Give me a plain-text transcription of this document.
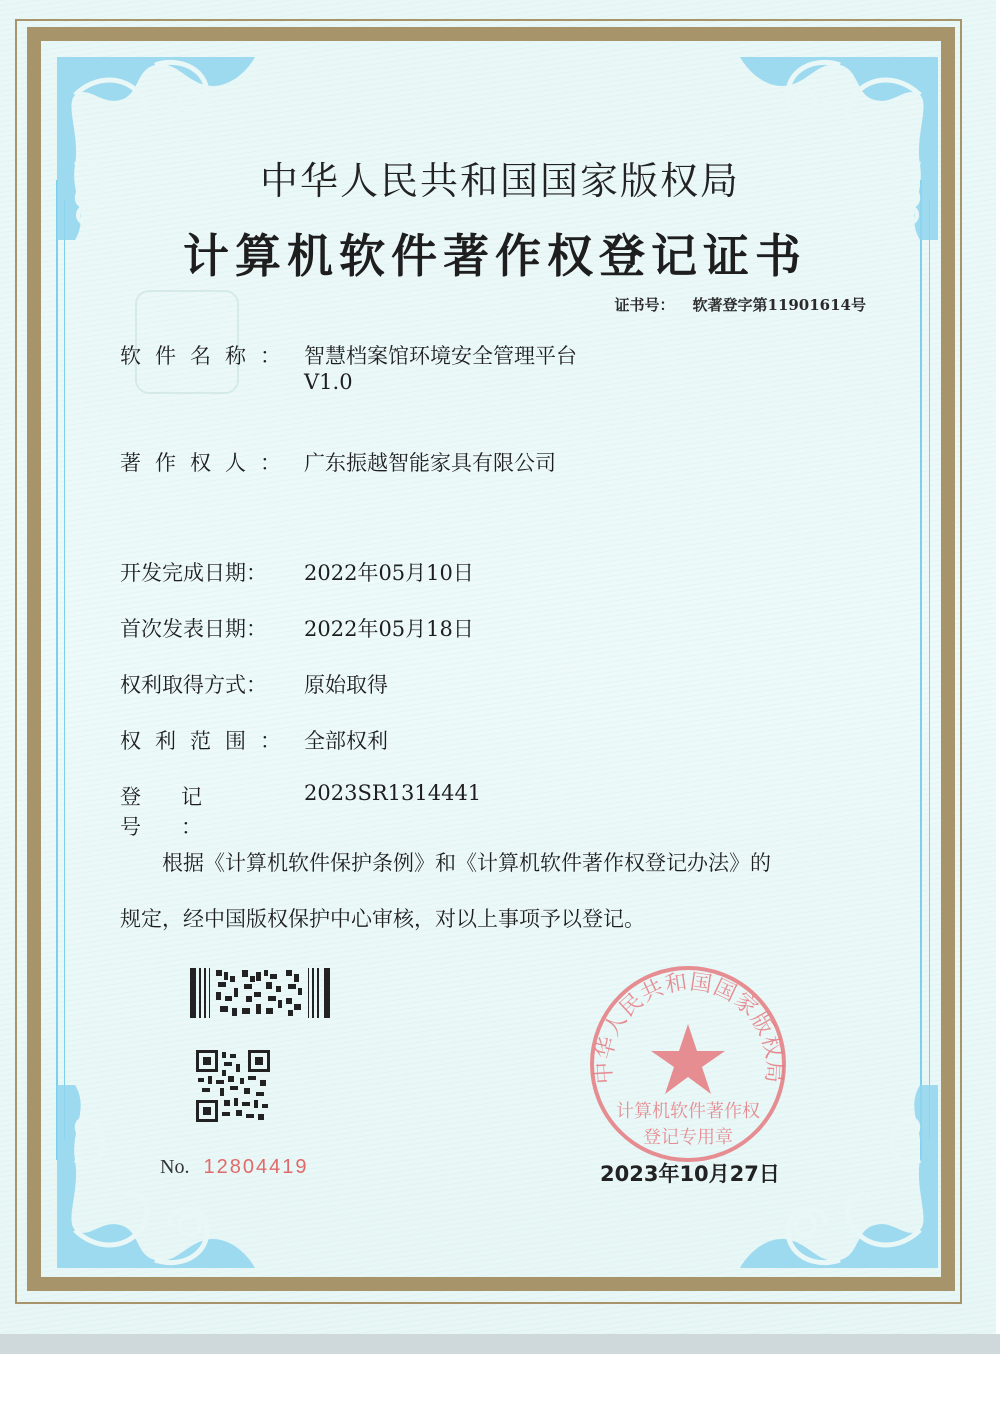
中华人民共和国国家版权局
计算机软件著作权登记证书
证书号： 软著登字第11901614号
软件名称： 智慧档案馆环境安全管理平台
V1.0
著作权人： 广东振越智能家具有限公司
开发完成日期： 2022年05月10日
首次发表日期： 2022年05月18日
权利取得方式： 原始取得
权利范围： 全部权利
登记号：2023SR1314441
根据《计算机软件保护条例》和《计算机软件著作权登记办法》的
规定，经中国版权保护中心审核，对以上事项予以登记。
No. 12804419
中华人民共和国国家版权局
计算机软件著作权
登记专用章
2023年10月27日
